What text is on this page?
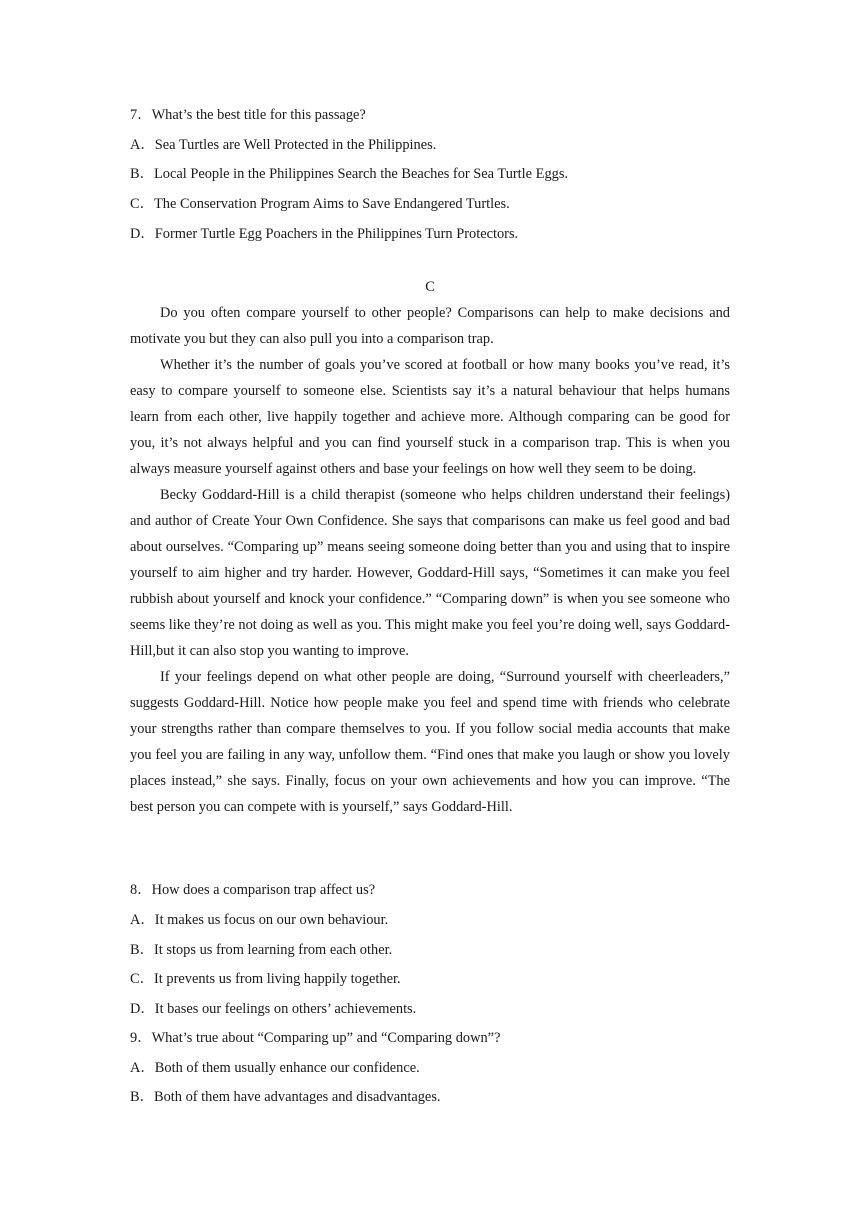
7．What’s the best title for this passage?
A．Sea Turtles are Well Protected in the Philippines.
B．Local People in the Philippines Search the Beaches for Sea Turtle Eggs.
C．The Conservation Program Aims to Save Endangered Turtles.
D．Former Turtle Egg Poachers in the Philippines Turn Protectors.
C

Do you often compare yourself to other people? Comparisons can help to make decisions and motivate you but they can also pull you into a comparison trap.

Whether it’s the number of goals you’ve scored at football or how many books you’ve read, it’s easy to compare yourself to someone else. Scientists say it’s a natural behaviour that helps humans learn from each other, live happily together and achieve more. Although comparing can be good for you, it’s not always helpful and you can find yourself stuck in a comparison trap. This is when you always measure yourself against others and base your feelings on how well they seem to be doing.

Becky Goddard-Hill is a child therapist (someone who helps children understand their feelings) and author of Create Your Own Confidence. She says that comparisons can make us feel good and bad about ourselves. “Comparing up” means seeing someone doing better than you and using that to inspire yourself to aim higher and try harder. However, Goddard-Hill says, “Sometimes it can make you feel rubbish about yourself and knock your confidence.” “Comparing down” is when you see someone who seems like they’re not doing as well as you. This might make you feel you’re doing well, says Goddard-Hill,but it can also stop you wanting to improve.

If your feelings depend on what other people are doing, “Surround yourself with cheerleaders,” suggests Goddard-Hill. Notice how people make you feel and spend time with friends who celebrate your strengths rather than compare themselves to you. If you follow social media accounts that make you feel you are failing in any way, unfollow them. “Find ones that make you laugh or show you lovely places instead,” she says. Finally, focus on your own achievements and how you can improve. “The best person you can compete with is yourself,” says Goddard-Hill.

8．How does a comparison trap affect us?
A．It makes us focus on our own behaviour.
B．It stops us from learning from each other.
C．It prevents us from living happily together.
D．It bases our feelings on others’ achievements.
9．What’s true about “Comparing up” and “Comparing down”?
A．Both of them usually enhance our confidence.
B．Both of them have advantages and disadvantages.
